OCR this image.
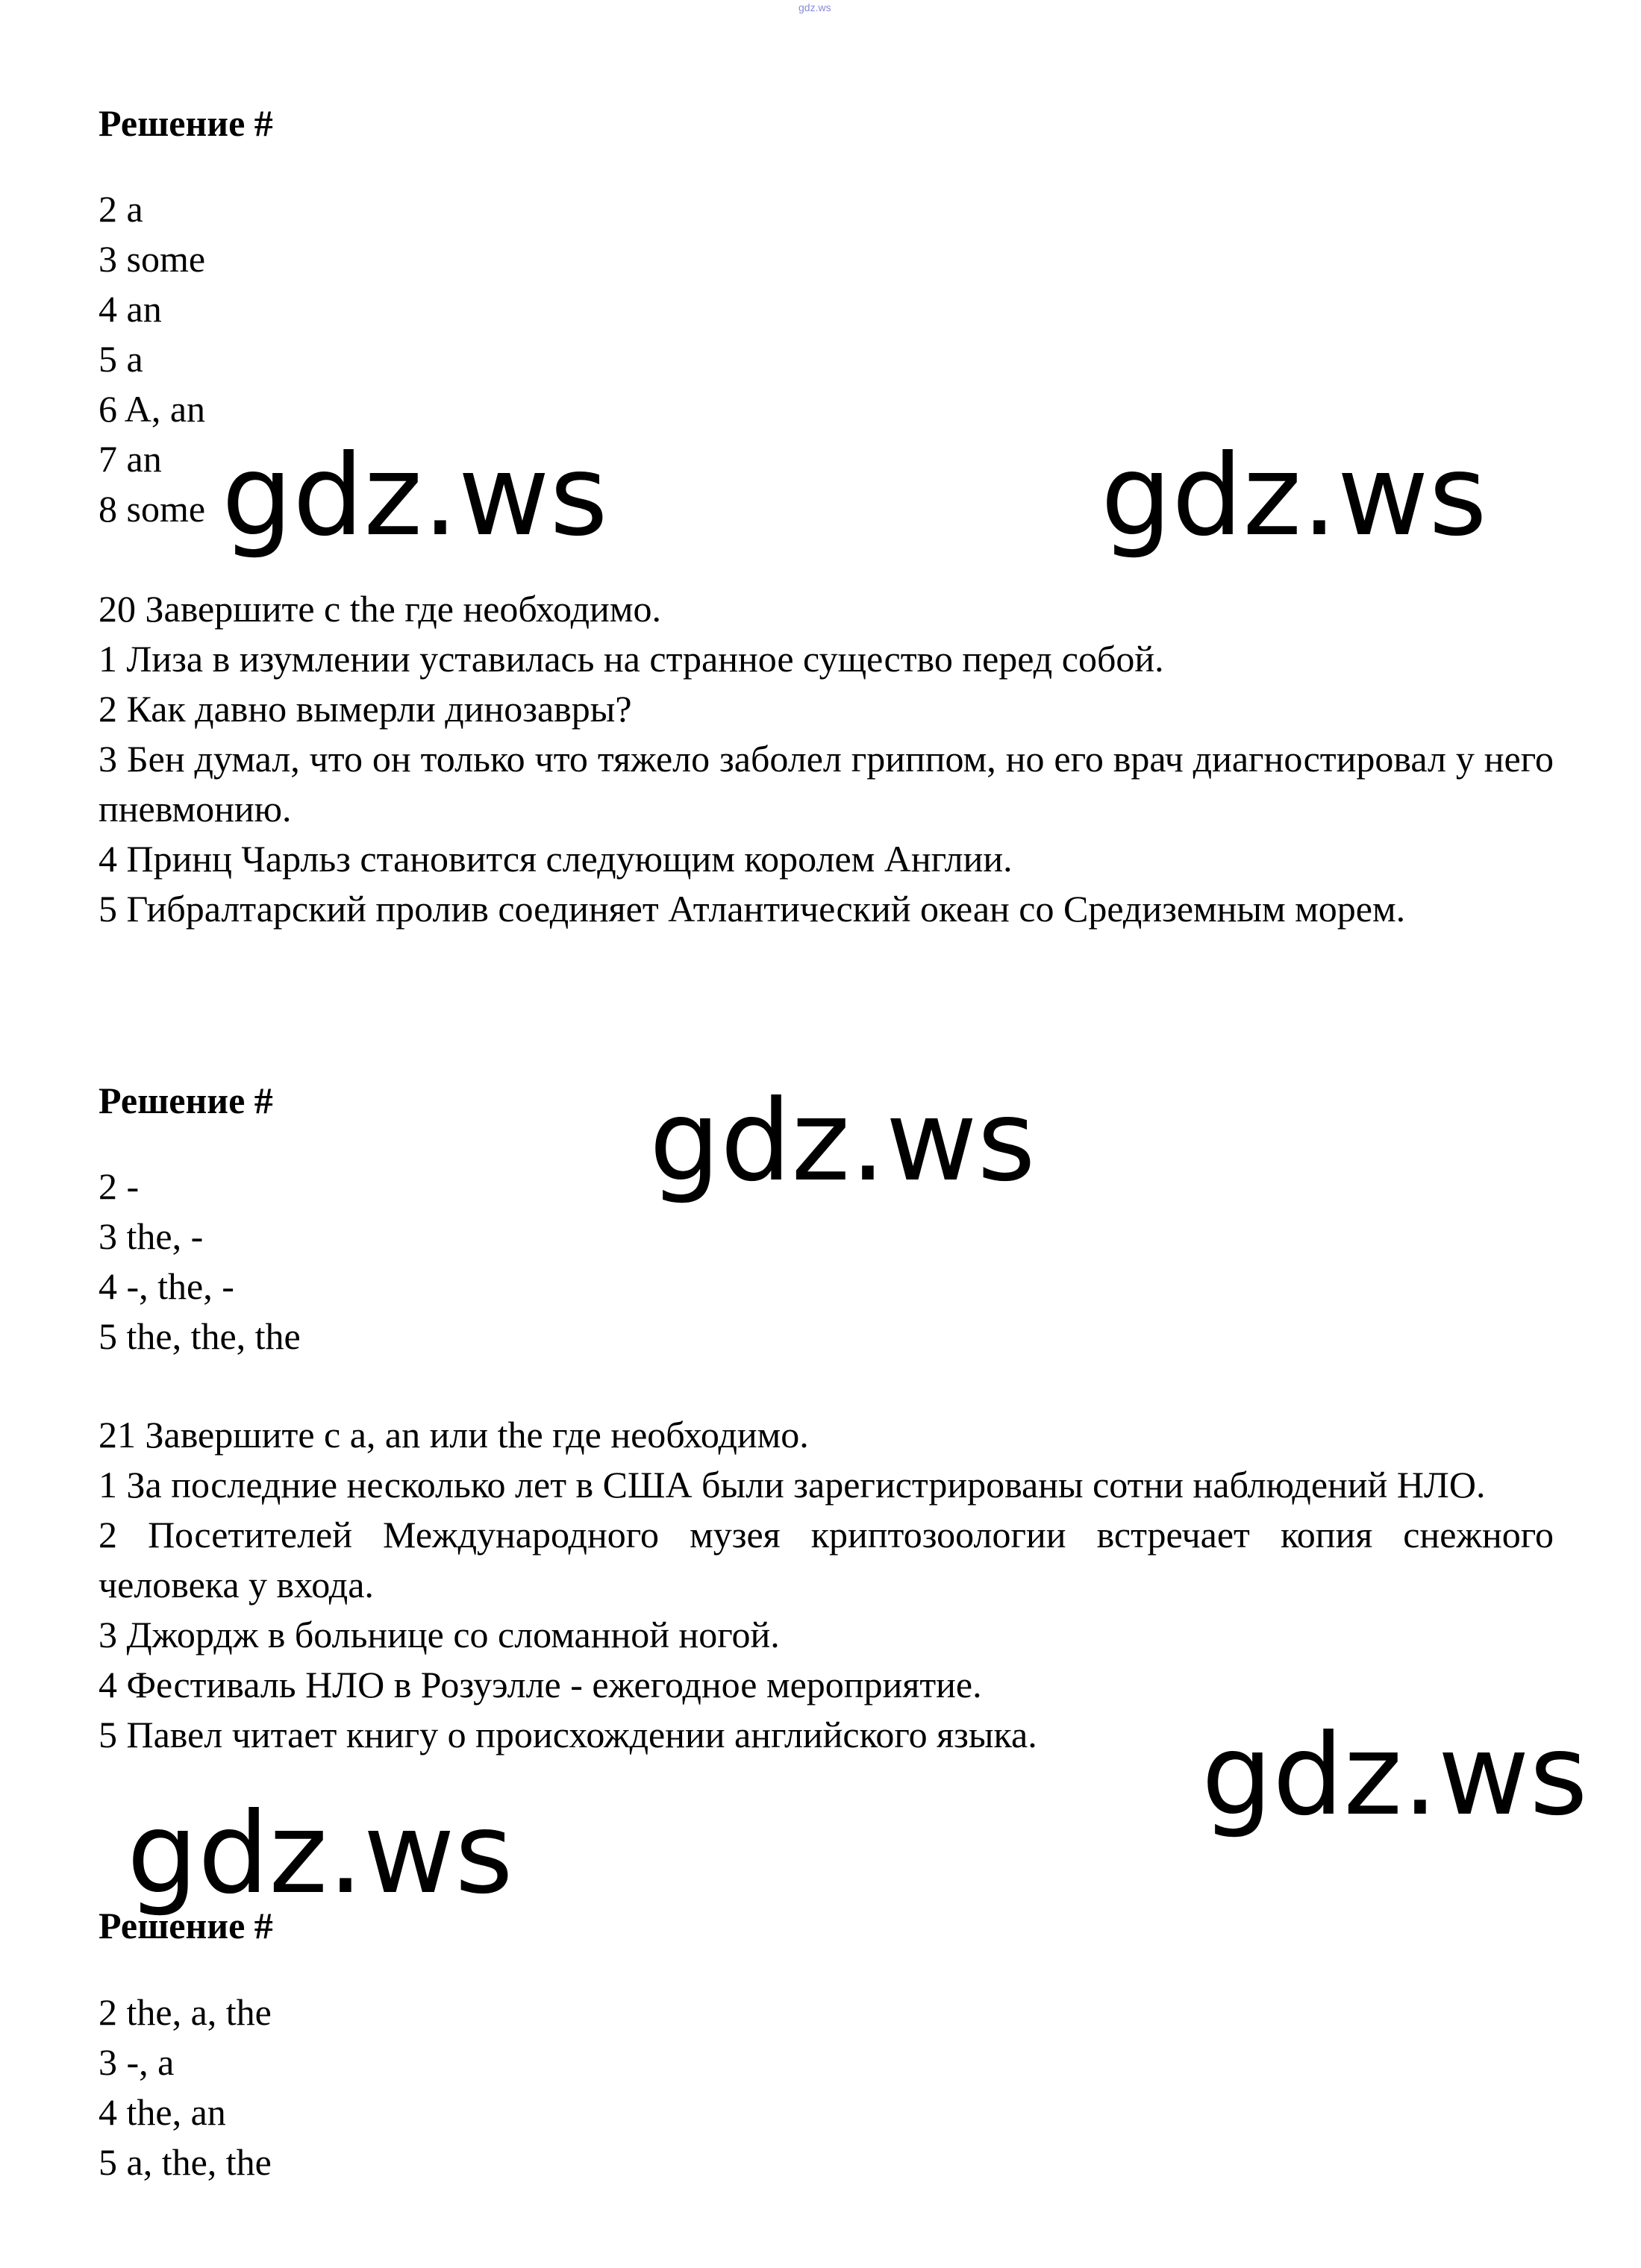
gdz.ws

Решение #

2 a

3 some

4 an

5 a

6 A, an

7 an

8 some

20 Завершите с the где необходимо.

1 Лиза в изумлении уставилась на странное существо перед собой.

2 Как давно вымерли динозавры?

3 Бен думал, что он только что тяжело заболел гриппом, но его врач диагностировал у него пневмонию.

4 Принц Чарльз становится следующим королем Англии.

5 Гибралтарский пролив соединяет Атлантический океан со Средиземным морем.

Решение #

2 -

3 the, -

4 -, the, -

5 the, the, the

21 Завершите с a, an или the где необходимо.

1 За последние несколько лет в США были зарегистрированы сотни наблюдений НЛО.

2 Посетителей Международного музея криптозоологии встречает копия снежного человека у входа.

3 Джордж в больнице со сломанной ногой.

4 Фестиваль НЛО в Розуэлле - ежегодное мероприятие.

5 Павел читает книгу о происхождении английского языка.

Решение #

2 the, a, the

3 -, a

4 the, an

5 a, the, the

gdz.ws	gdz.ws
gdz.ws
gdz.ws
gdz.ws
